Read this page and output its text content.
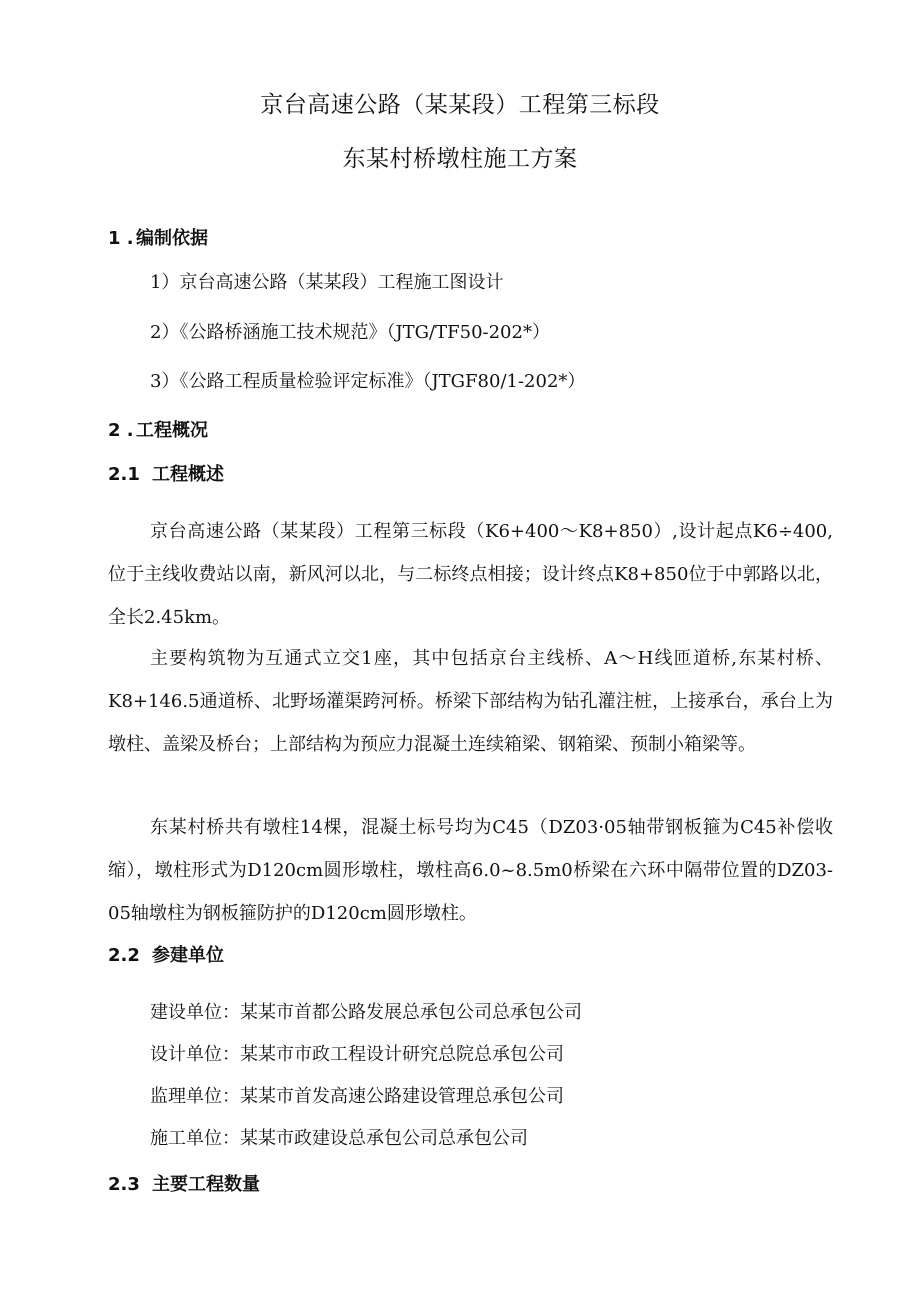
京台高速公路（某某段）工程第三标段
东某村桥墩柱施工方案
1 . 编制依据
1）京台高速公路（某某段）工程施工图设计
2）《公路桥涵施工技术规范》（JTG/TF50-202*）
3）《公路工程质量检验评定标准》（JTGF80/1-202*）
2 . 工程概况
2.1 工程概述
京台高速公路（某某段）工程第三标段（K6+400～K8+850）,设计起点K6÷400,位于主线收费站以南，新风河以北，与二标终点相接；设计终点K8+850位于中郭路以北，全长2.45km。
主要构筑物为互通式立交1座，其中包括京台主线桥、A～H线匝道桥,东某村桥、K8+146.5通道桥、北野场灌渠跨河桥。桥梁下部结构为钻孔灌注桩，上接承台，承台上为墩柱、盖梁及桥台；上部结构为预应力混凝土连续箱梁、钢箱梁、预制小箱梁等。
东某村桥共有墩柱14棵，混凝土标号均为C45（DZ03·05轴带钢板箍为C45补偿收缩），墩柱形式为D120cm圆形墩柱，墩柱高6.0~8.5m0桥梁在六环中隔带位置的DZ03-05轴墩柱为钢板箍防护的D120cm圆形墩柱。
2.2 参建单位
建设单位：某某市首都公路发展总承包公司总承包公司
设计单位：某某市市政工程设计研究总院总承包公司
监理单位：某某市首发高速公路建设管理总承包公司
施工单位：某某市政建设总承包公司总承包公司
2.3 主要工程数量
